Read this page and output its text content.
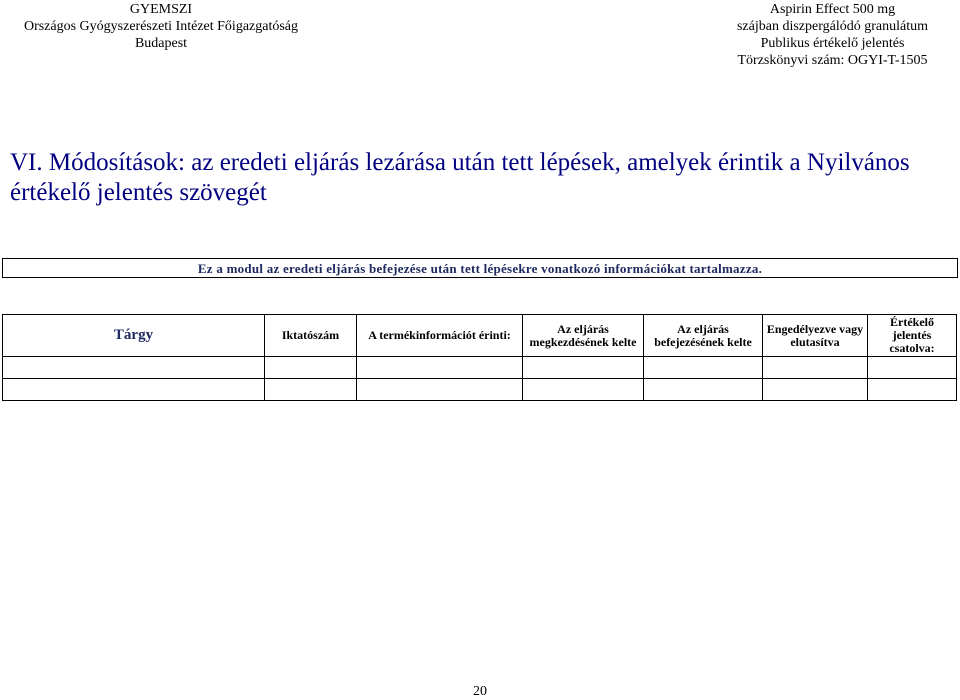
GYEMSZI
Országos Gyógyszerészeti Intézet Főigazgatóság
Budapest
Aspirin Effect 500 mg
szájban diszpergálódó granulátum
Publikus értékelő jelentés
Törzskönyvi szám: OGYI-T-1505
VI. Módosítások: az eredeti eljárás lezárása után tett lépések, amelyek érintik a Nyilvános értékelő jelentés szövegét
Ez a modul az eredeti eljárás befejezése után tett lépésekre vonatkozó információkat tartalmazza.
Tárgy	Iktatószám	A termékinformációt érinti:	Az eljárás megkezdésének kelte	Az eljárás befejezésének kelte	Engedélyezve vagy elutasítva	Értékelő jelentés csatolva:

20
